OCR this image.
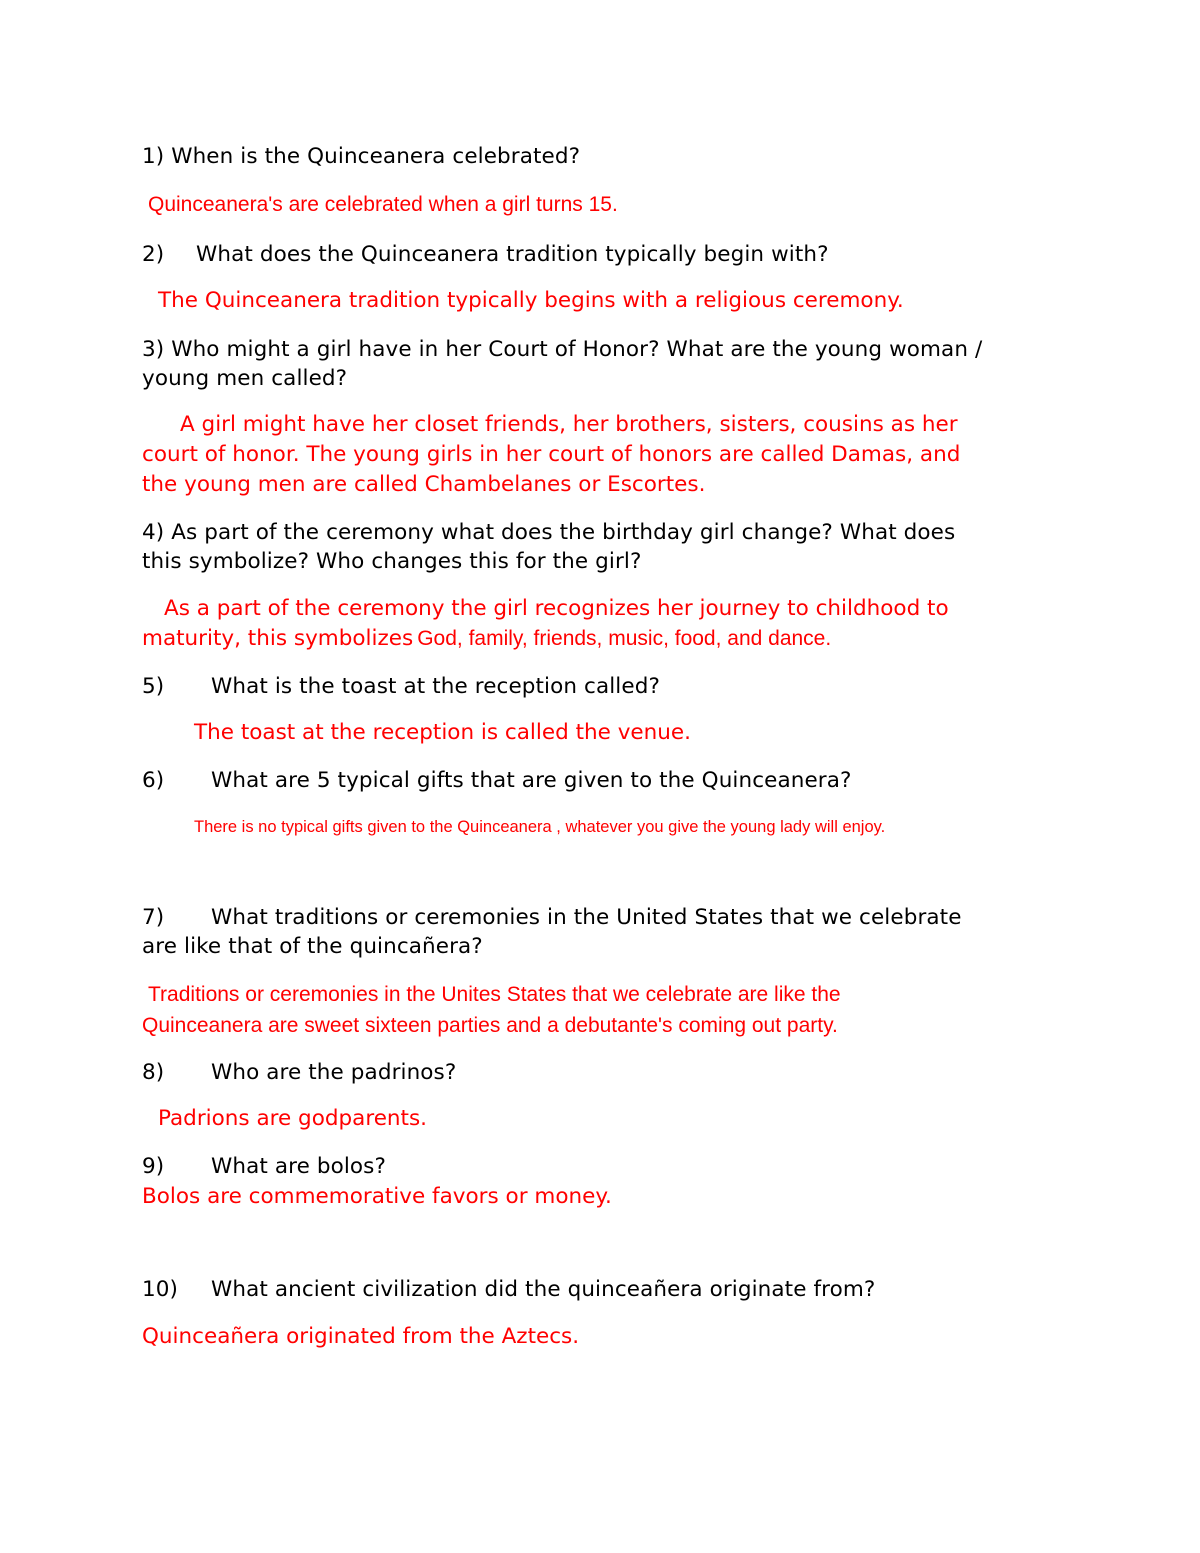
1) When is the Quinceanera celebrated?

Quinceanera's are celebrated when a girl turns 15.

2) What does the Quinceanera tradition typically begin with?

The Quinceanera tradition typically begins with a religious ceremony.

3) Who might a girl have in her Court of Honor? What are the young woman /

young men called?

A girl might have her closet friends, her brothers, sisters, cousins as her

court of honor. The young girls in her court of honors are called Damas, and

the young men are called Chambelanes or Escortes.

4) As part of the ceremony what does the birthday girl change? What does

this symbolize? Who changes this for the girl?

As a part of the ceremony the girl recognizes her journey to childhood to

maturity, this symbolizes God, family, friends, music, food, and dance.

5) What is the toast at the reception called?

The toast at the reception is called the venue.

6) What are 5 typical gifts that are given to the Quinceanera?

There is no typical gifts given to the Quinceanera , whatever you give the young lady will enjoy.

7) What traditions or ceremonies in the United States that we celebrate

are like that of the quincañera?

Traditions or ceremonies in the Unites States that we celebrate are like the

Quinceanera are sweet sixteen parties and a debutante's coming out party.

8) Who are the padrinos?

Padrions are godparents.

9) What are bolos?

Bolos are commemorative favors or money.

10) What ancient civilization did the quinceañera originate from?

Quinceañera originated from the Aztecs.
